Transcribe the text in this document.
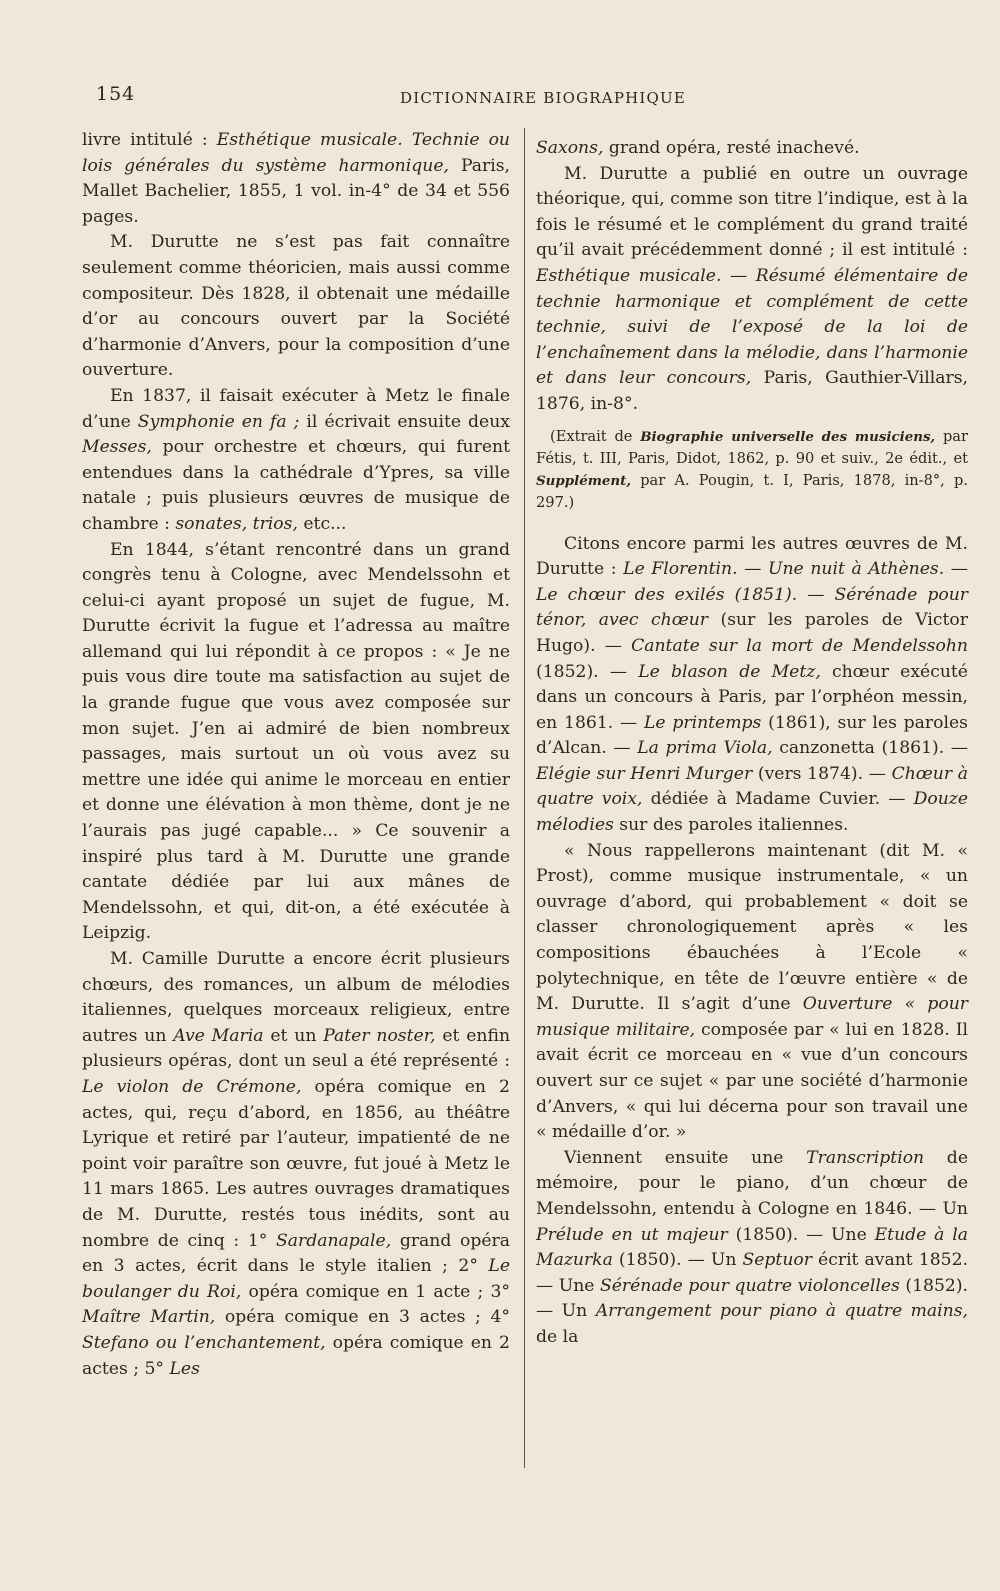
154	DICTIONNAIRE BIOGRAPHIQUE

livre intitulé : Esthétique musicale. Technie ou lois générales du système harmonique, Paris, Mallet Bachelier, 1855, 1 vol. in-4° de 34 et 556 pages.

M. Durutte ne s’est pas fait connaître seulement comme théoricien, mais aussi comme compositeur. Dès 1828, il obtenait une médaille d’or au concours ouvert par la Société d’harmonie d’Anvers, pour la composition d’une ouverture.

En 1837, il faisait exécuter à Metz le finale d’une Symphonie en fa ; il écrivait ensuite deux Messes, pour orchestre et chœurs, qui furent entendues dans la cathédrale d’Ypres, sa ville natale ; puis plusieurs œuvres de musique de chambre : sonates, trios, etc...

En 1844, s’étant rencontré dans un grand congrès tenu à Cologne, avec Mendelssohn et celui-ci ayant proposé un sujet de fugue, M. Durutte écrivit la fugue et l’adressa au maître allemand qui lui répondit à ce propos : « Je ne puis vous dire toute ma satisfaction au sujet de la grande fugue que vous avez composée sur mon sujet. J’en ai admiré de bien nombreux passages, mais surtout un où vous avez su mettre une idée qui anime le morceau en entier et donne une élévation à mon thème, dont je ne l’aurais pas jugé capable... » Ce souvenir a inspiré plus tard à M. Durutte une grande cantate dédiée par lui aux mânes de Mendelssohn, et qui, dit-on, a été exécutée à Leipzig.

M. Camille Durutte a encore écrit plusieurs chœurs, des romances, un album de mélodies italiennes, quelques morceaux religieux, entre autres un Ave Maria et un Pater noster, et enfin plusieurs opéras, dont un seul a été représenté : Le violon de Crémone, opéra comique en 2 actes, qui, reçu d’abord, en 1856, au théâtre Lyrique et retiré par l’auteur, impatienté de ne point voir paraître son œuvre, fut joué à Metz le 11 mars 1865. Les autres ouvrages dramatiques de M. Durutte, restés tous inédits, sont au nombre de cinq : 1° Sardanapale, grand opéra en 3 actes, écrit dans le style italien ; 2° Le boulanger du Roi, opéra comique en 1 acte ; 3° Maître Martin, opéra comique en 3 actes ; 4° Stefano ou l’enchantement, opéra comique en 2 actes ; 5° Les

Saxons, grand opéra, resté inachevé.

M. Durutte a publié en outre un ouvrage théorique, qui, comme son titre l’indique, est à la fois le résumé et le complément du grand traité qu’il avait précédemment donné ; il est intitulé : Esthétique musicale. — Résumé élémentaire de technie harmonique et complément de cette technie, suivi de l’exposé de la loi de l’enchaînement dans la mélodie, dans l’harmonie et dans leur concours, Paris, Gauthier-Villars, 1876, in-8°.

(Extrait de Biographie universelle des musiciens, par Fétis, t. III, Paris, Didot, 1862, p. 90 et suiv., 2e édit., et Supplément, par A. Pougin, t. I, Paris, 1878, in-8°, p. 297.)

Citons encore parmi les autres œuvres de M. Durutte : Le Florentin. — Une nuit à Athènes. — Le chœur des exilés (1851). — Sérénade pour ténor, avec chœur (sur les paroles de Victor Hugo). — Cantate sur la mort de Mendelssohn (1852). — Le blason de Metz, chœur exécuté dans un concours à Paris, par l’orphéon messin, en 1861. — Le printemps (1861), sur les paroles d’Alcan. — La prima Viola, canzonetta (1861). — Elégie sur Henri Murger (vers 1874). — Chœur à quatre voix, dédiée à Madame Cuvier. — Douze mélodies sur des paroles italiennes.

« Nous rappellerons maintenant (dit M. « Prost), comme musique instrumentale, « un ouvrage d’abord, qui probablement « doit se classer chronologiquement après « les compositions ébauchées à l’Ecole « polytechnique, en tête de l’œuvre entière « de M. Durutte. Il s’agit d’une Ouverture « pour musique militaire, composée par « lui en 1828. Il avait écrit ce morceau en « vue d’un concours ouvert sur ce sujet « par une société d’harmonie d’Anvers, « qui lui décerna pour son travail une « médaille d’or. »

Viennent ensuite une Transcription de mémoire, pour le piano, d’un chœur de Mendelssohn, entendu à Cologne en 1846. — Un Prélude en ut majeur (1850). — Une Etude à la Mazurka (1850). — Un Septuor écrit avant 1852. — Une Sérénade pour quatre violoncelles (1852). — Un Arrangement pour piano à quatre mains, de la
